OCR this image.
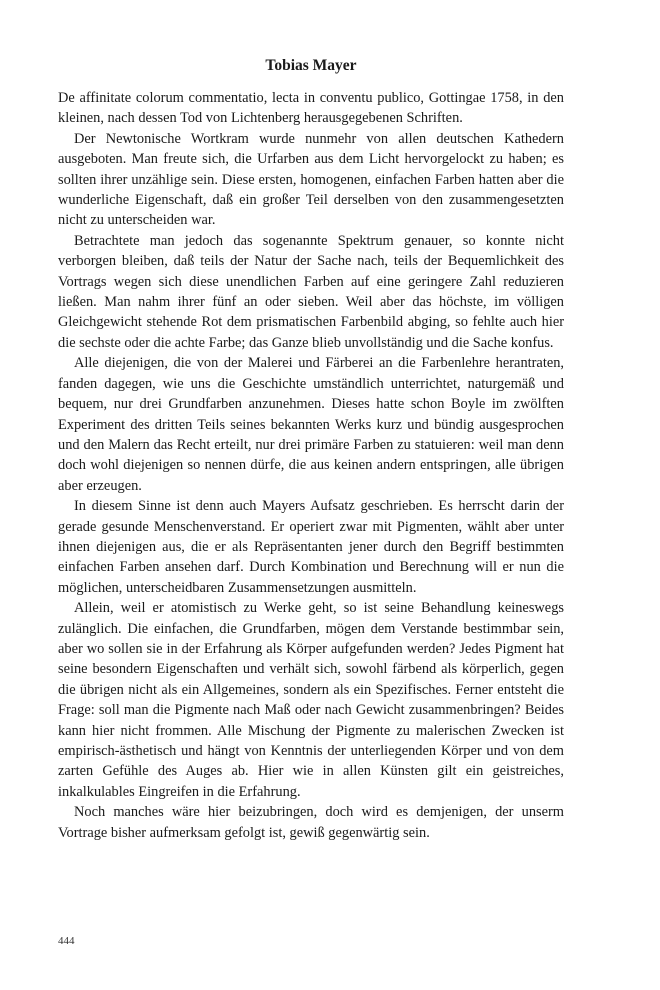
Tobias Mayer

De affinitate colorum commentatio, lecta in conventu publico, Gottingae 1758, in den kleinen, nach dessen Tod von Lichtenberg herausgegebenen Schriften.

Der Newtonische Wortkram wurde nunmehr von allen deutschen Kathedern ausgeboten. Man freute sich, die Urfarben aus dem Licht hervorgelockt zu haben; es sollten ihrer unzählige sein. Diese ersten, homogenen, einfachen Farben hatten aber die wunderliche Eigenschaft, daß ein großer Teil derselben von den zusammengesetzten nicht zu unterscheiden war.

Betrachtete man jedoch das sogenannte Spektrum genauer, so konnte nicht verborgen bleiben, daß teils der Natur der Sache nach, teils der Bequemlichkeit des Vortrags wegen sich diese unendlichen Farben auf eine geringere Zahl reduzieren ließen. Man nahm ihrer fünf an oder sieben. Weil aber das höchste, im völligen Gleichgewicht stehende Rot dem prismatischen Farbenbild abging, so fehlte auch hier die sechste oder die achte Farbe; das Ganze blieb unvollständig und die Sache konfus.

Alle diejenigen, die von der Malerei und Färberei an die Farbenlehre herantraten, fanden dagegen, wie uns die Geschichte umständlich unterrichtet, naturgemäß und bequem, nur drei Grundfarben anzunehmen. Dieses hatte schon Boyle im zwölften Experiment des dritten Teils seines bekannten Werks kurz und bündig ausgesprochen und den Malern das Recht erteilt, nur drei primäre Farben zu statuieren: weil man denn doch wohl diejenigen so nennen dürfe, die aus keinen andern entspringen, alle übrigen aber erzeugen.

In diesem Sinne ist denn auch Mayers Aufsatz geschrieben. Es herrscht darin der gerade gesunde Menschenverstand. Er operiert zwar mit Pigmenten, wählt aber unter ihnen diejenigen aus, die er als Repräsentanten jener durch den Begriff bestimmten einfachen Farben ansehen darf. Durch Kombination und Berechnung will er nun die möglichen, unterscheidbaren Zusammensetzungen ausmitteln.

Allein, weil er atomistisch zu Werke geht, so ist seine Behandlung keineswegs zulänglich. Die einfachen, die Grundfarben, mögen dem Verstande bestimmbar sein, aber wo sollen sie in der Erfahrung als Körper aufgefunden werden? Jedes Pigment hat seine besondern Eigenschaften und verhält sich, sowohl färbend als körperlich, gegen die übrigen nicht als ein Allgemeines, sondern als ein Spezifisches. Ferner entsteht die Frage: soll man die Pigmente nach Maß oder nach Gewicht zusammenbringen? Beides kann hier nicht frommen. Alle Mischung der Pigmente zu malerischen Zwecken ist empirisch-ästhetisch und hängt von Kenntnis der unterliegenden Körper und von dem zarten Gefühle des Auges ab. Hier wie in allen Künsten gilt ein geistreiches, inkalkulables Eingreifen in die Erfahrung.

Noch manches wäre hier beizubringen, doch wird es demjenigen, der unserm Vortrage bisher aufmerksam gefolgt ist, gewiß gegenwärtig sein.

444
